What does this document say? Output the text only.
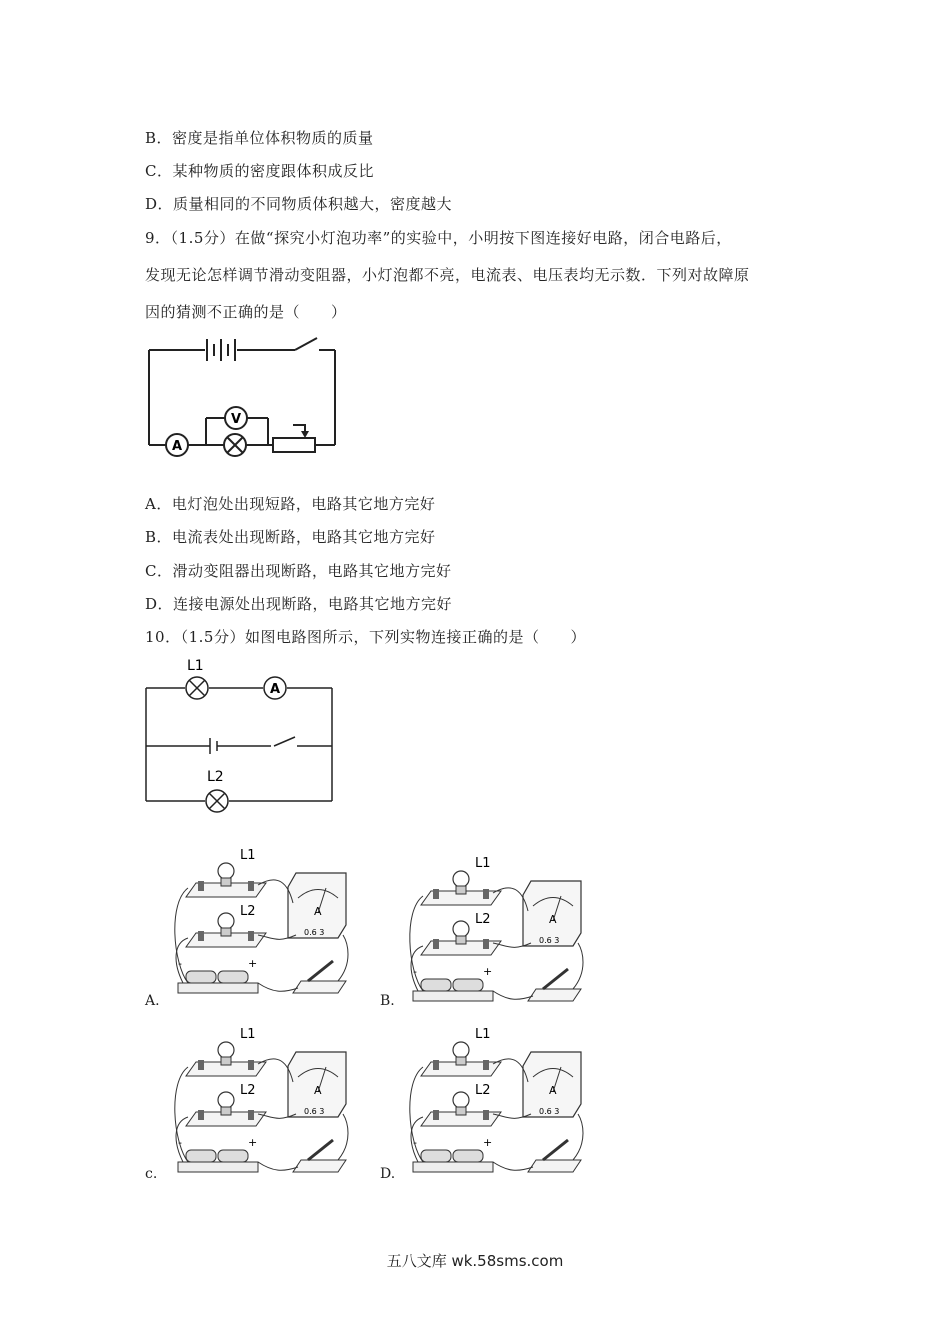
B．密度是指单位体积物质的质量
C．某种物质的密度跟体积成反比
D．质量相同的不同物质体积越大，密度越大
9．（1.5分）在做“探究小灯泡功率”的实验中，小明按下图连接好电路，闭合电路后，
发现无论怎样调节滑动变阻器，小灯泡都不亮，电流表、电压表均无示数．下列对故障原
因的猜测不正确的是（　　）
A
V
A．电灯泡处出现短路，电路其它地方完好
B．电流表处出现断路，电路其它地方完好
C．滑动变阻器出现断路，电路其它地方完好
D．连接电源处出现断路，电路其它地方完好
10．（1.5分）如图电路图所示，下列实物连接正确的是（　　）
L1
A
L2
A.	B.
c.	D.
L1
L2	A
0.6 3
-	+
L1
L2	A
0.6 3
-	+
L1
L2	A
0.6 3
-	+
L1
L2	A
0.6 3
-	+
五八文库 wk.58sms.com
